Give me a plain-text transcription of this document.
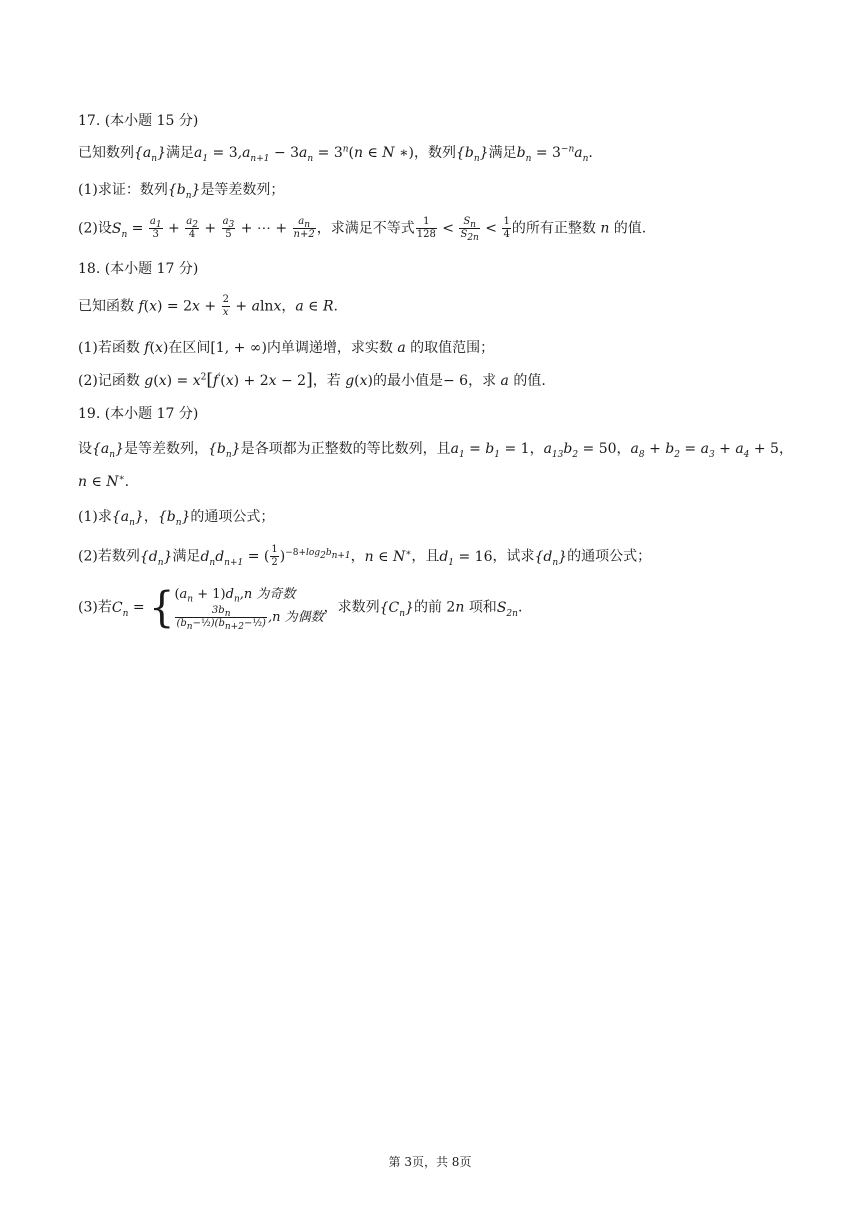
17. (本小题 15 分)
已知数列$\{a_n\}$满足$a_1 = 3,a_{n+1} - 3a_n = 3^n(n$ ∈ N ∗)，数列$\{b_n\}$满足$b_n = 3^{-n}a_n$.
(1)求证：数列$\{b_n\}$是等差数列；
(2)设$S_n = \frac{a_1}{3} + \frac{a_2}{4} + \frac{a_3}{5}$ + ⋯ + $\frac{a_n}{n+2}$ ，求满足不等式 $\frac{1}{128} < \frac{S_n}{S_{2n}} < \frac{1}{4}$ 的所有正整数 n 的值.
18. (本小题 17 分)
已知函数 $f(x) = 2x + \frac{2}{x} + alnx$，a ∈ R.
(1)若函数 f(x)在区间[1, + ∞)内单调递增，求实数 a 的取值范围；
(2)记函数 $g(x) = x^2[f'(x) + 2x - 2]$，若 g(x)的最小值是− 6，求 a 的值.
19. (本小题 17 分)
设$\{a_n\}$是等差数列，$\{b_n\}$是各项都为正整数的等比数列，且$a_1 = b_1 = 1$，$a_{13}b_2 = 50$，$a_8 + b_2 = a_3 + a_4 + 5$，
n ∈ N∗.
(1)求$\{a_n\}$，$\{b_n\}$的通项公式；
(2)若数列$\{d_n\}$满足$d_nd_{n+1}$ = ( $\frac{1}{2} )^{-8+log_2b_{n+1}}$，n ∈ N∗，且$d_1 = 16$，试求$\{d_n\}$的通项公式；
(3)若$C_n$ = { $(a_n + 1)d_n,n$ 为奇数
$\frac{3b_n}{(b_n-\frac{1}{2})(b_{n+2}-\frac{1}{2})} ,n$ 为偶数
，求数列$\{C_n\}$的前 2n 项和$S_{2n}$.
第 3页，共 8页
